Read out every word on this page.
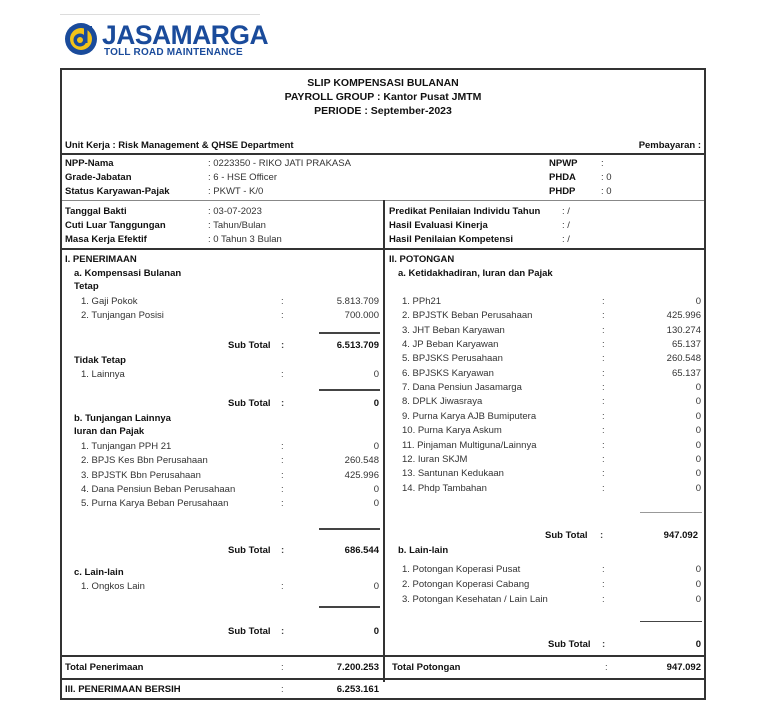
JASAMARGA
TOLL ROAD MAINTENANCE
SLIP KOMPENSASI BULANAN
PAYROLL GROUP : Kantor Pusat JMTM
PERIODE : September-2023
Unit Kerja : Risk Management & QHSE Department	Pembayaran :
NPP-Nama	: 0223350 - RIKO JATI PRAKASA
Grade-Jabatan	: 6 - HSE Officer
Status Karyawan-Pajak	: PKWT - K/0
NPWP :
PHDA	: 0
PHDP	: 0
Tanggal Bakti	: 03-07-2023
Cuti Luar Tanggungan	: Tahun/Bulan
Masa Kerja Efektif	: 0 Tahun 3 Bulan
Predikat Penilaian Individu Tahun : /
Hasil Evaluasi Kinerja	: /
Hasil Penilaian Kompetensi	: /
I. PENERIMAAN
a. Kompensasi Bulanan
Tetap
1. Gaji Pokok	:	5.813.709
2. Tunjangan Posisi	:	700.000
Sub Total :	6.513.709
Tidak Tetap
1. Lainnya	:	0
Sub Total :	0
b. Tunjangan Lainnya
Iuran dan Pajak
1. Tunjangan PPH 21	:	0
2. BPJS Kes Bbn Perusahaan	:	260.548
3. BPJSTK Bbn Perusahaan	:	425.996
4. Dana Pensiun Beban Perusahaan	:	0
5. Purna Karya Beban Perusahaan	:	0
Sub Total :	686.544
c. Lain-lain
1. Ongkos Lain	:	0
Sub Total :	0
II. POTONGAN
a. Ketidakhadiran, Iuran dan Pajak
1. PPh21	:	0
2. BPJSTK Beban Perusahaan	:	425.996
3. JHT Beban Karyawan	:	130.274
4. JP Beban Karyawan	:	65.137
5. BPJSKS Perusahaan	:	260.548
6. BPJSKS Karyawan	:	65.137
7. Dana Pensiun Jasamarga	:	0
8. DPLK Jiwasraya	:	0
9. Purna Karya AJB Bumiputera	:	0
10. Purna Karya Askum	:	0
11. Pinjaman Multiguna/Lainnya	:	0
12. Iuran SKJM	:	0
13. Santunan Kedukaan	:	0
14. Phdp Tambahan	:	0
Sub Total :	947.092
b. Lain-lain
1. Potongan Koperasi Pusat	:	0
2. Potongan Koperasi Cabang	:	0
3. Potongan Kesehatan / Lain Lain	:	0
Sub Total :	0
Total Penerimaan	:	7.200.253 Total Potongan	:	947.092
III. PENERIMAAN BERSIH	:	6.253.161
